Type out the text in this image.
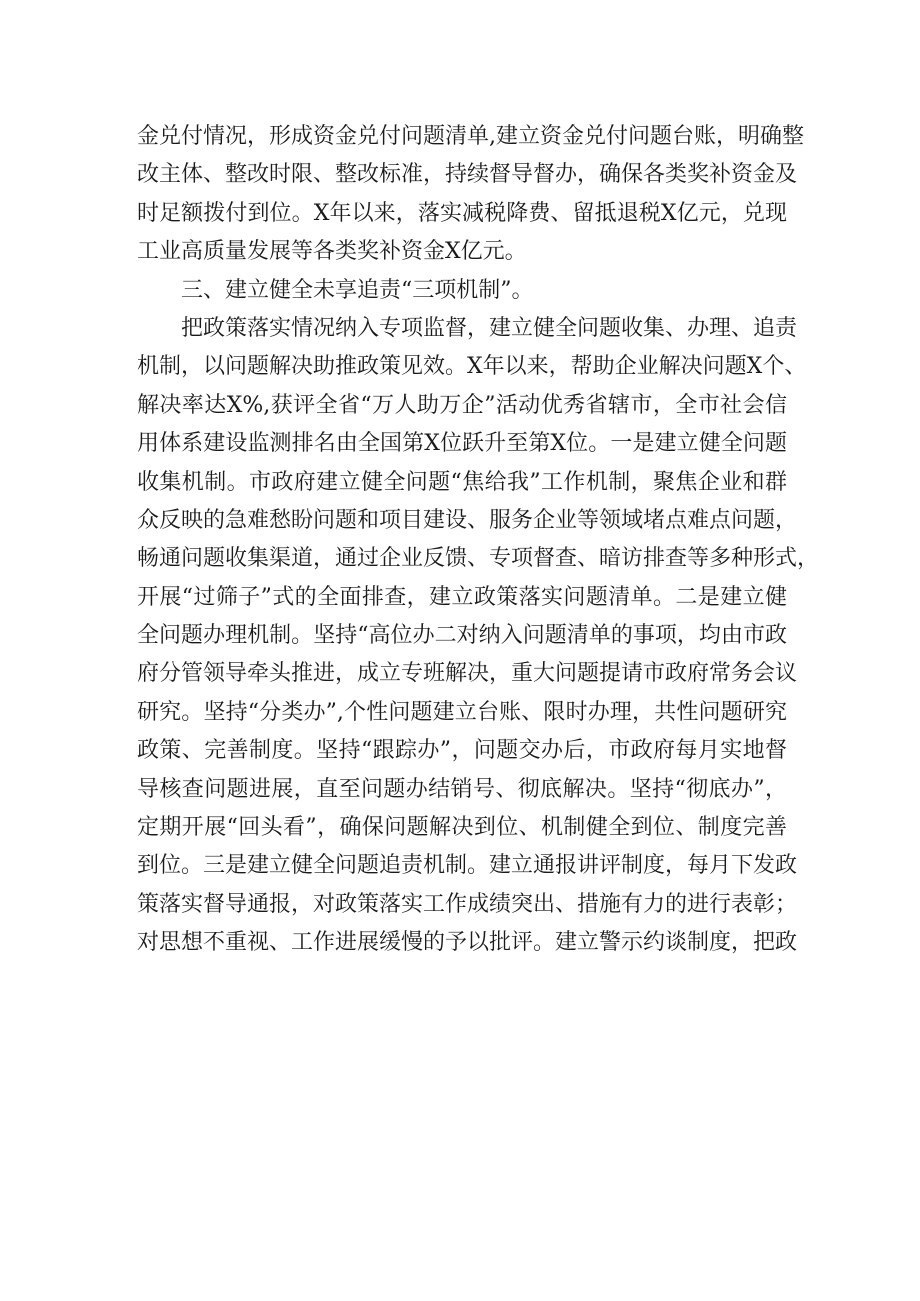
金兑付情况，形成资金兑付问题清单,建立资金兑付问题台账，明确整
改主体、整改时限、整改标准，持续督导督办，确保各类奖补资金及
时足额拨付到位。X年以来，落实减税降费、留抵退税X亿元，兑现
工业高质量发展等各类奖补资金X亿元。
三、建立健全未享追责“三项机制”。
把政策落实情况纳入专项监督，建立健全问题收集、办理、追责
机制，以问题解决助推政策见效。X年以来，帮助企业解决问题X个、
解决率达X%,获评全省“万人助万企”活动优秀省辖市，全市社会信
用体系建设监测排名由全国第X位跃升至第X位。一是建立健全问题
收集机制。市政府建立健全问题“焦给我”工作机制，聚焦企业和群
众反映的急难愁盼问题和项目建设、服务企业等领域堵点难点问题，
畅通问题收集渠道，通过企业反馈、专项督查、暗访排查等多种形式，
开展“过筛子”式的全面排查，建立政策落实问题清单。二是建立健
全问题办理机制。坚持“高位办二对纳入问题清单的事项，均由市政
府分管领导牵头推进，成立专班解决，重大问题提请市政府常务会议
研究。坚持“分类办”,个性问题建立台账、限时办理，共性问题研究
政策、完善制度。坚持“跟踪办”，问题交办后，市政府每月实地督
导核查问题进展，直至问题办结销号、彻底解决。坚持“彻底办”，
定期开展“回头看”，确保问题解决到位、机制健全到位、制度完善
到位。三是建立健全问题追责机制。建立通报讲评制度，每月下发政
策落实督导通报，对政策落实工作成绩突出、措施有力的进行表彰；
对思想不重视、工作进展缓慢的予以批评。建立警示约谈制度，把政
